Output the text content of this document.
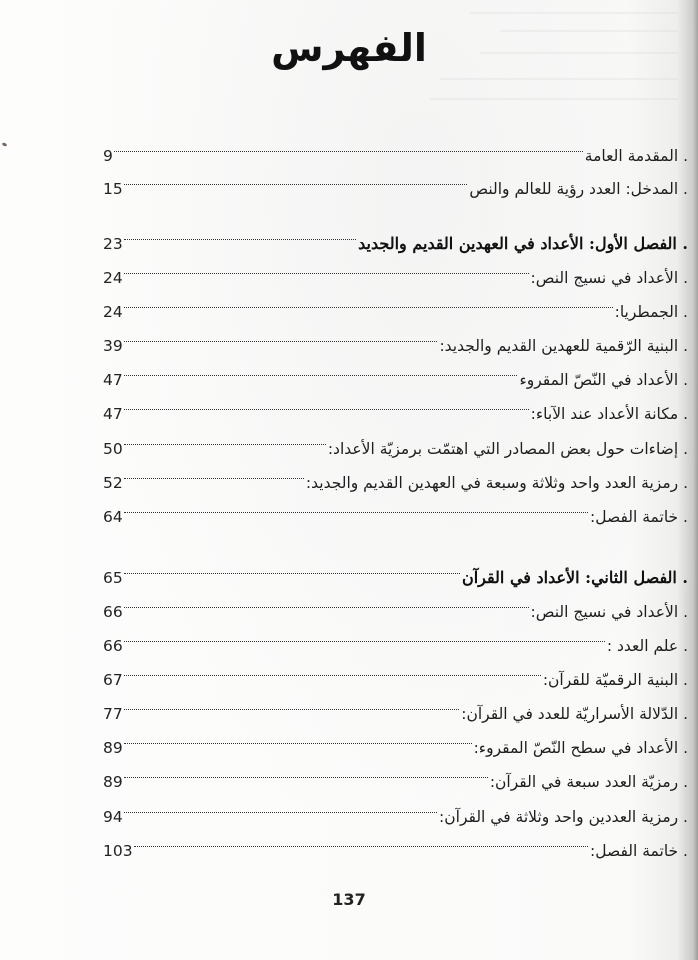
الفهرس
9	. المقدمة العامة
15	. المدخل: العدد رؤية للعالم والنص
23	. الفصل الأول: الأعداد في العهدين القديم والجديد
24	. الأعداد في نسيج النص:
24	. الجمطريا:
39	. البنية الرّقمية للعهدين القديم والجديد:
47	. الأعداد في النّصّ المقروء
47	. مكانة الأعداد عند الآباء:
50	. إضاءات حول بعض المصادر التي اهتمّت برمزيّة الأعداد:
52	. رمزية العدد واحد وثلاثة وسبعة في العهدين القديم والجديد:
64	. خاتمة الفصل:
65	. الفصل الثاني: الأعداد في القرآن
66	. الأعداد في نسيج النص:
66	. علم العدد :
67	. البنية الرقميّة للقرآن:
77	. الدّلالة الأسراريّة للعدد في القرآن:
89	. الأعداد في سطح النّصّ المقروء:
89	. رمزيّة العدد سبعة في القرآن:
94	. رمزية العددين واحد وثلاثة في القرآن:
103	. خاتمة الفصل:
137
